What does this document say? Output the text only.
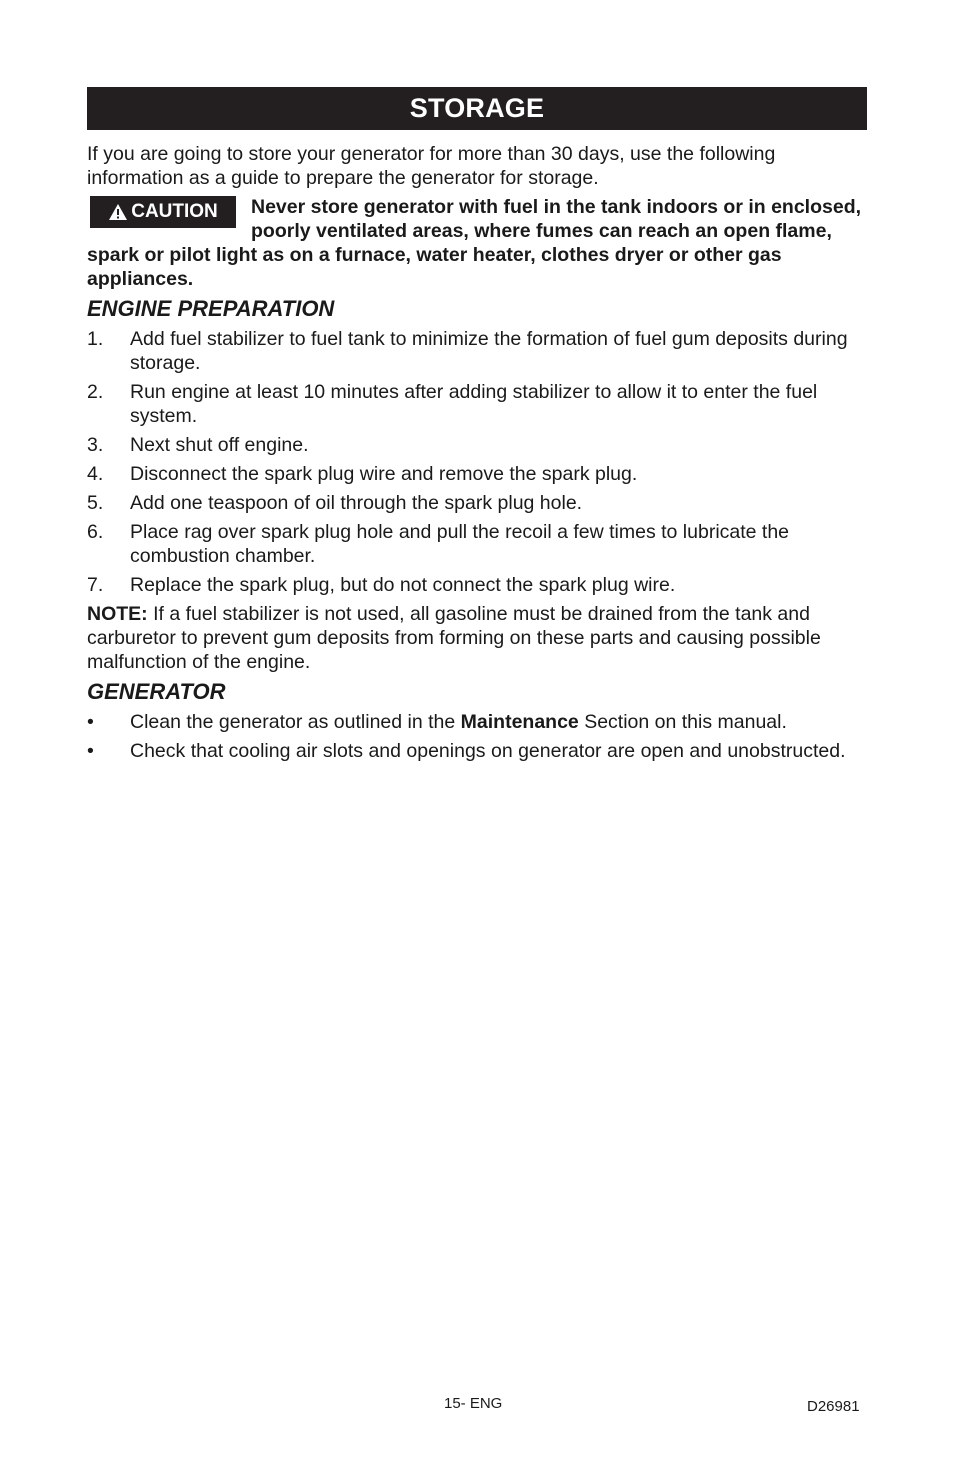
STORAGE

If you are going to store your generator for more than 30 days, use the following information as a guide to prepare the generator for storage.

CAUTION Never store generator with fuel in the tank indoors or in enclosed, poorly ventilated areas, where fumes can reach an open flame, spark or pilot light as on a furnace, water heater, clothes dryer or other gas appliances.
ENGINE PREPARATION
1. Add fuel stabilizer to fuel tank to minimize the formation of fuel gum deposits during storage.
2. Run engine at least 10 minutes after adding stabilizer to allow it to enter the fuel system.
3. Next shut off engine.
4. Disconnect the spark plug wire and remove the spark plug.
5. Add one teaspoon of oil through the spark plug hole.
6. Place rag over spark plug hole and pull the recoil a few times to lubricate the combustion chamber.
7. Replace the spark plug, but do not connect the spark plug wire.

NOTE: If a fuel stabilizer is not used, all gasoline must be drained from the tank and carburetor to prevent gum deposits from forming on these parts and causing possible malfunction of the engine.

GENERATOR
• Clean the generator as outlined in the Maintenance Section on this manual.
• Check that cooling air slots and openings on generator are open and unobstructed.
15- ENG	D26981
